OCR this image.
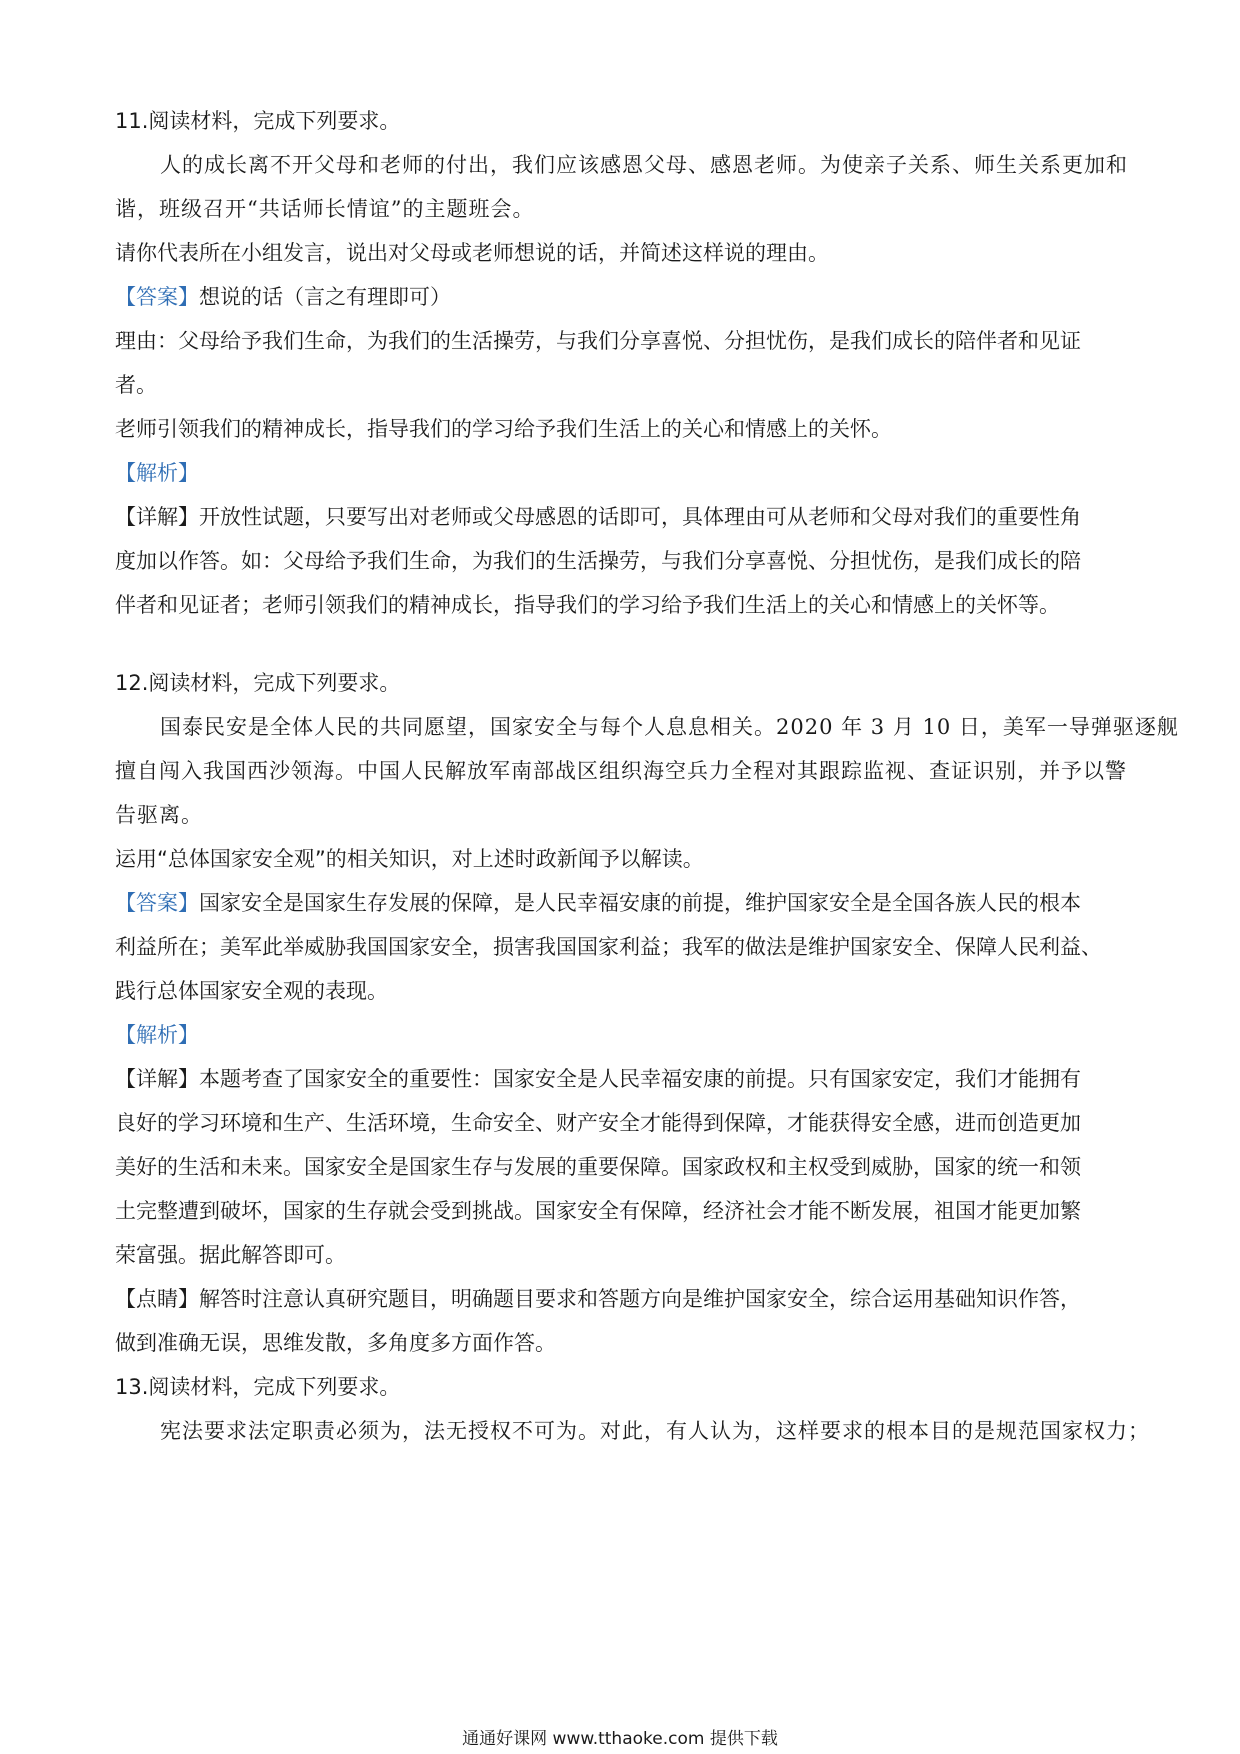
11.阅读材料，完成下列要求。
人的成长离不开父母和老师的付出，我们应该感恩父母、感恩老师。为使亲子关系、师生关系更加和
谐，班级召开“共话师长情谊”的主题班会。
请你代表所在小组发言，说出对父母或老师想说的话，并简述这样说的理由。
【答案】想说的话（言之有理即可）
理由：父母给予我们生命，为我们的生活操劳，与我们分享喜悦、分担忧伤，是我们成长的陪伴者和见证
者。
老师引领我们的精神成长，指导我们的学习给予我们生活上的关心和情感上的关怀。
【解析】
【详解】开放性试题，只要写出对老师或父母感恩的话即可，具体理由可从老师和父母对我们的重要性角
度加以作答。如：父母给予我们生命，为我们的生活操劳，与我们分享喜悦、分担忧伤，是我们成长的陪
伴者和见证者；老师引领我们的精神成长，指导我们的学习给予我们生活上的关心和情感上的关怀等。
12.阅读材料，完成下列要求。
国泰民安是全体人民的共同愿望，国家安全与每个人息息相关。2020 年 3 月 10 日，美军一导弹驱逐舰
擅自闯入我国西沙领海。中国人民解放军南部战区组织海空兵力全程对其跟踪监视、查证识别，并予以警
告驱离。
运用“总体国家安全观”的相关知识，对上述时政新闻予以解读。
【答案】国家安全是国家生存发展的保障，是人民幸福安康的前提，维护国家安全是全国各族人民的根本
利益所在；美军此举威胁我国国家安全，损害我国国家利益；我军的做法是维护国家安全、保障人民利益、
践行总体国家安全观的表现。
【解析】
【详解】本题考查了国家安全的重要性：国家安全是人民幸福安康的前提。只有国家安定，我们才能拥有
良好的学习环境和生产、生活环境，生命安全、财产安全才能得到保障，才能获得安全感，进而创造更加
美好的生活和未来。国家安全是国家生存与发展的重要保障。国家政权和主权受到威胁，国家的统一和领
土完整遭到破坏，国家的生存就会受到挑战。国家安全有保障，经济社会才能不断发展，祖国才能更加繁
荣富强。据此解答即可。
【点睛】解答时注意认真研究题目，明确题目要求和答题方向是维护国家安全，综合运用基础知识作答，
做到准确无误，思维发散，多角度多方面作答。
13.阅读材料，完成下列要求。
宪法要求法定职责必须为，法无授权不可为。对此，有人认为，这样要求的根本目的是规范国家权力；
通通好课网 www.tthaoke.com 提供下载
